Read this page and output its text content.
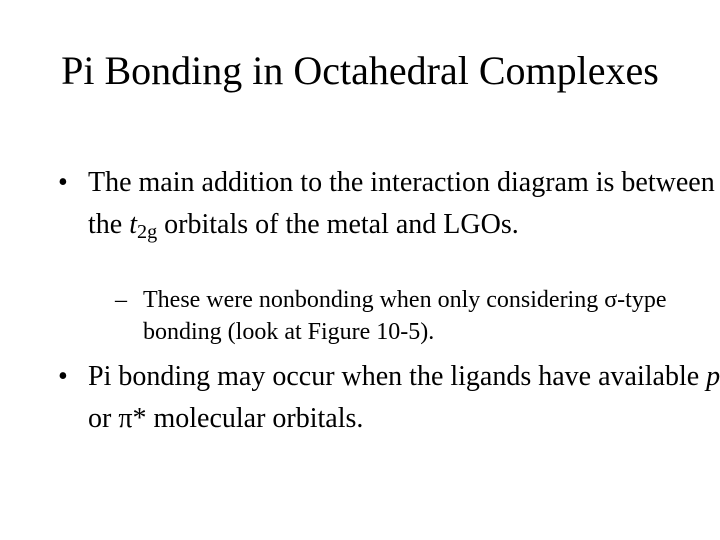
Pi Bonding in Octahedral Complexes
• The main addition to the interaction diagram is between the $t_{2g}$ orbitals of the metal and LGOs.
– These were nonbonding when only considering σ-type bonding (look at Figure 10-5).
• Pi bonding may occur when the ligands have available p or π* molecular orbitals.
